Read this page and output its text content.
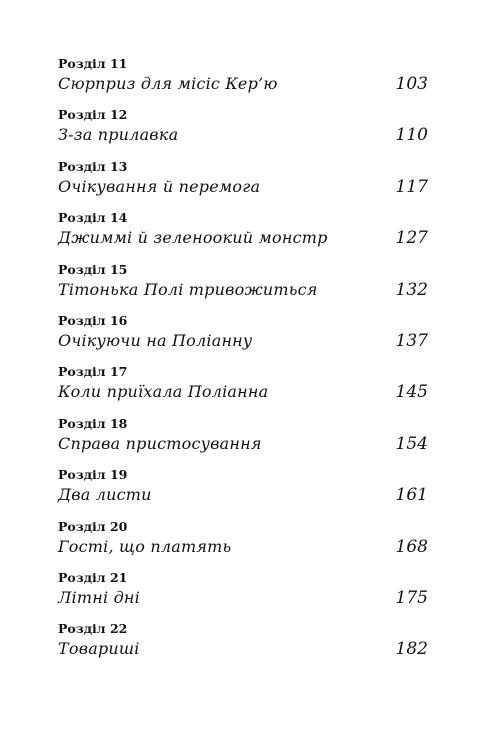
Розділ 11
Сюрприз для місіс Кер’ю	103
Розділ 12
З-за прилавка	110
Розділ 13
Очікування й перемога	117
Розділ 14
Джиммі й зеленоокий монстр	127
Розділ 15
Тітонька Полі тривожиться	132
Розділ 16
Очікуючи на Поліанну	137
Розділ 17
Коли приїхала Поліанна	145
Розділ 18
Справа пристосування	154
Розділ 19
Два листи	161
Розділ 20
Гості, що платять	168
Розділ 21
Літні дні	175
Розділ 22
Товариші	182
